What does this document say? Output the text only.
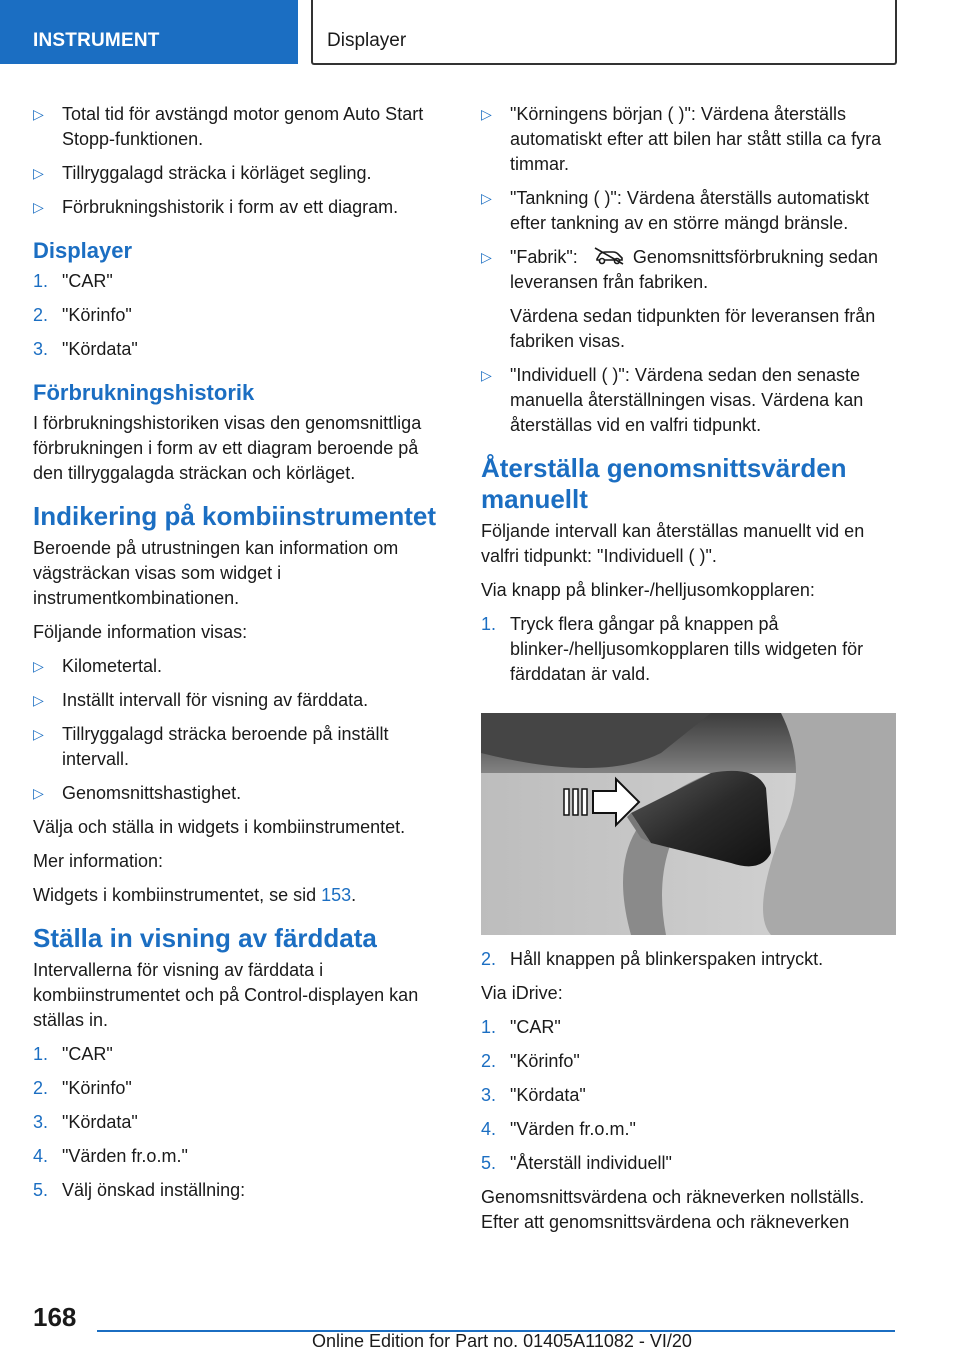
INSTRUMENT	Displayer
▷ Total tid för avstängd motor genom Auto Start Stopp-funktionen.
▷ Tillryggalagd sträcka i körläget segling.
▷ Förbrukningshistorik i form av ett diagram.
Displayer
1. "CAR"
2. "Körinfo"
3. "Kördata"
Förbrukningshistorik

I förbrukningshistoriken visas den genomsnittliga förbrukningen i form av ett diagram beroende på den tillryggalagda sträckan och körläget.

Indikering på kombiinstrumentet

Beroende på utrustningen kan information om vägsträckan visas som widget i instrumentkombinationen.

Följande information visas:

▷ Kilometertal.
▷ Inställt intervall för visning av färddata.
▷ Tillryggalagd sträcka beroende på inställt intervall.
▷ Genomsnittshastighet.

Välja och ställa in widgets i kombiinstrumentet.

Mer information:

Widgets i kombiinstrumentet, se sid 153.

Ställa in visning av färddata

Intervallerna för visning av färddata i kombiinstrumentet och på Control-displayen kan ställas in.

1. "CAR"
2. "Körinfo"
3. "Kördata"
4. "Värden fr.o.m."
5. Välj önskad inställning:
▷ "Körningens början ( )": Värdena återställs automatiskt efter att bilen har stått stilla ca fyra timmar.
▷ "Tankning ( )": Värdena återställs automatiskt efter tankning av en större mängd bränsle.
▷ "Fabrik":	Genomsnittsförbrukning sedan leveransen från fabriken.

Värdena sedan tidpunkten för leveransen från fabriken visas.

▷ "Individuell ( )": Värdena sedan den senaste manuella återställningen visas. Värdena kan återställas vid en valfri tidpunkt.
Återställa genomsnittsvärden manuellt

Följande intervall kan återställas manuellt vid en valfri tidpunkt: "Individuell ( )".

Via knapp på blinker-/helljusomkopplaren:

1. Tryck flera gångar på knappen på blinker-/helljusomkopplaren tills widgeten för färddatan är vald.
2. Håll knappen på blinkerspaken intryckt.

Via iDrive:

1. "CAR"
2. "Körinfo"
3. "Kördata"
4. "Värden fr.o.m."
5. "Återställ individuell"

Genomsnittsvärdena och räkneverken nollställs. Efter att genomsnittsvärdena och räkneverken

168
Online Edition for Part no. 01405A11082 - VI/20
